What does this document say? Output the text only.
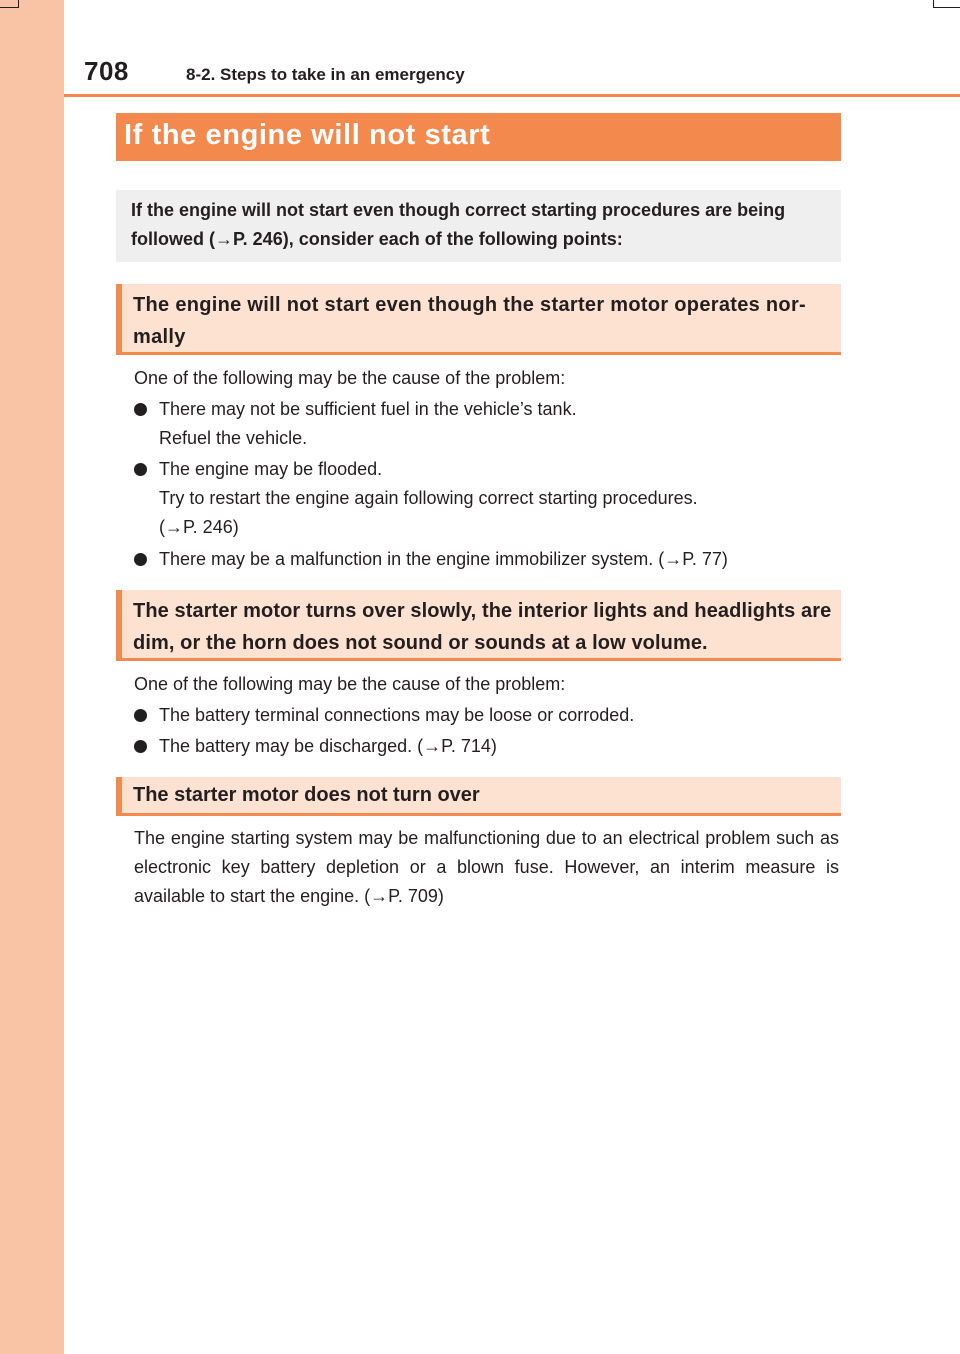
708	8-2. Steps to take in an emergency
If the engine will not start
If the engine will not start even though correct starting procedures are being followed (→P. 246), consider each of the following points:
The engine will not start even though the starter motor operates nor-mally
One of the following may be the cause of the problem:
There may not be sufficient fuel in the vehicle’s tank.
Refuel the vehicle.
The engine may be flooded.
Try to restart the engine again following correct starting procedures.
(→P. 246)
There may be a malfunction in the engine immobilizer system. (→P. 77)
The starter motor turns over slowly, the interior lights and headlights are dim, or the horn does not sound or sounds at a low volume.
One of the following may be the cause of the problem:
The battery terminal connections may be loose or corroded.
The battery may be discharged. (→P. 714)
The starter motor does not turn over
The engine starting system may be malfunctioning due to an electrical problem such as electronic key battery depletion or a blown fuse. However, an interim measure is available to start the engine. (→P. 709)
